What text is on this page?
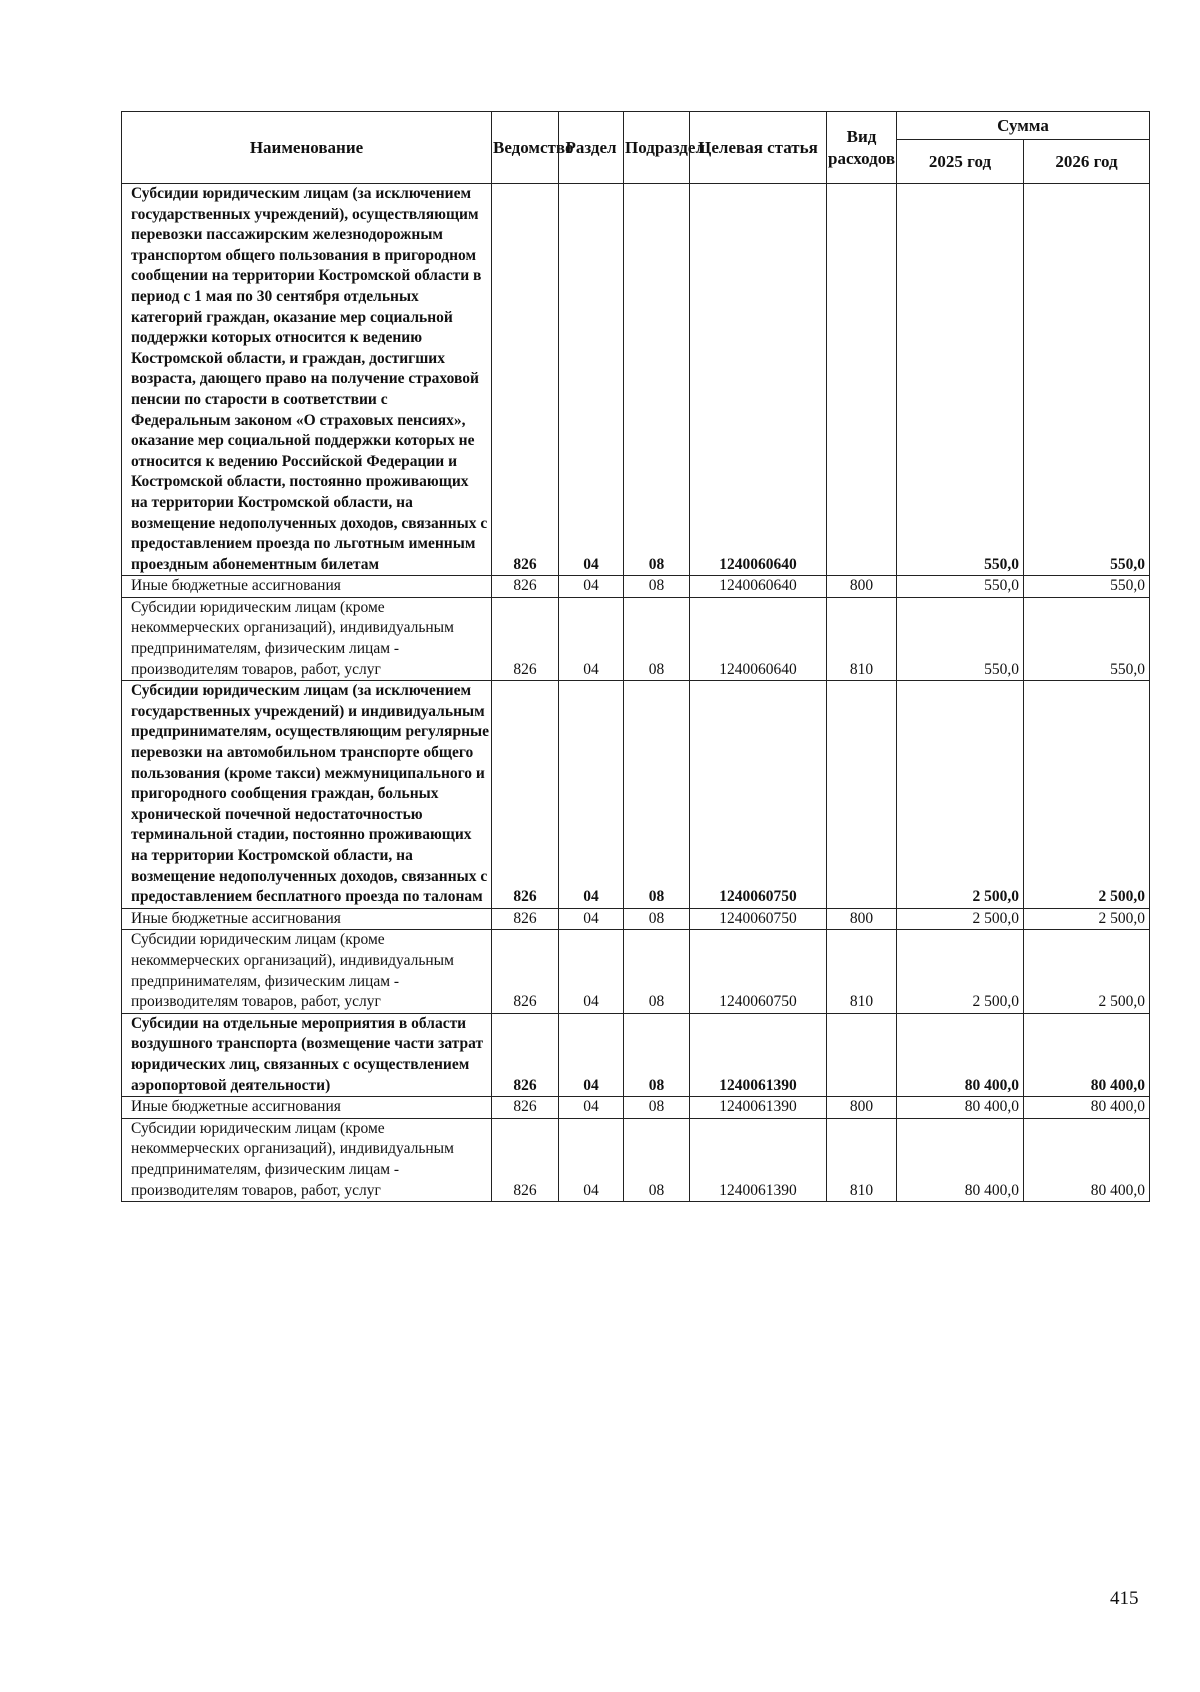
Наименование	Ведомство	Раздел	Подраздел	Целевая статья	Вид расходов	Сумма	
						2025 год	2026 год
Субсидии юридическим лицам (за исключением государственных учреждений), осуществляющим перевозки пассажирским железнодорожным транспортом общего пользования в пригородном сообщении на территории Костромской области в период с 1 мая по 30 сентября отдельных категорий граждан, оказание мер социальной поддержки которых относится к ведению Костромской области, и граждан, достигших возраста, дающего право на получение страховой пенсии по старости в соответствии с Федеральным законом «О страховых пенсиях», оказание мер социальной поддержки которых не относится к ведению Российской Федерации и Костромской области, постоянно проживающих на территории Костромской области, на возмещение недополученных доходов, связанных с предоставлением проезда по льготным именным проездным абонементным билетам	826	04	08	1240060640		550,0	550,0
Иные бюджетные ассигнования	826	04	08	1240060640	800	550,0	550,0
Субсидии юридическим лицам (кроме некоммерческих организаций), индивидуальным предпринимателям, физическим лицам - производителям товаров, работ, услуг	826	04	08	1240060640	810	550,0	550,0
Субсидии юридическим лицам (за исключением государственных учреждений) и индивидуальным предпринимателям, осуществляющим регулярные перевозки на автомобильном транспорте общего пользования (кроме такси) межмуниципального и пригородного сообщения граждан, больных хронической почечной недостаточностью терминальной стадии, постоянно проживающих на территории Костромской области, на возмещение недополученных доходов, связанных с предоставлением бесплатного проезда по талонам	826	04	08	1240060750		2 500,0	2 500,0
Иные бюджетные ассигнования	826	04	08	1240060750	800	2 500,0	2 500,0
Субсидии юридическим лицам (кроме некоммерческих организаций), индивидуальным предпринимателям, физическим лицам - производителям товаров, работ, услуг	826	04	08	1240060750	810	2 500,0	2 500,0
Субсидии на отдельные мероприятия в области воздушного транспорта (возмещение части затрат юридических лиц, связанных с осуществлением аэропортовой деятельности)	826	04	08	1240061390		80 400,0	80 400,0
Иные бюджетные ассигнования	826	04	08	1240061390	800	80 400,0	80 400,0
Субсидии юридическим лицам (кроме некоммерческих организаций), индивидуальным предпринимателям, физическим лицам - производителям товаров, работ, услуг	826	04	08	1240061390	810	80 400,0	80 400,0
415
